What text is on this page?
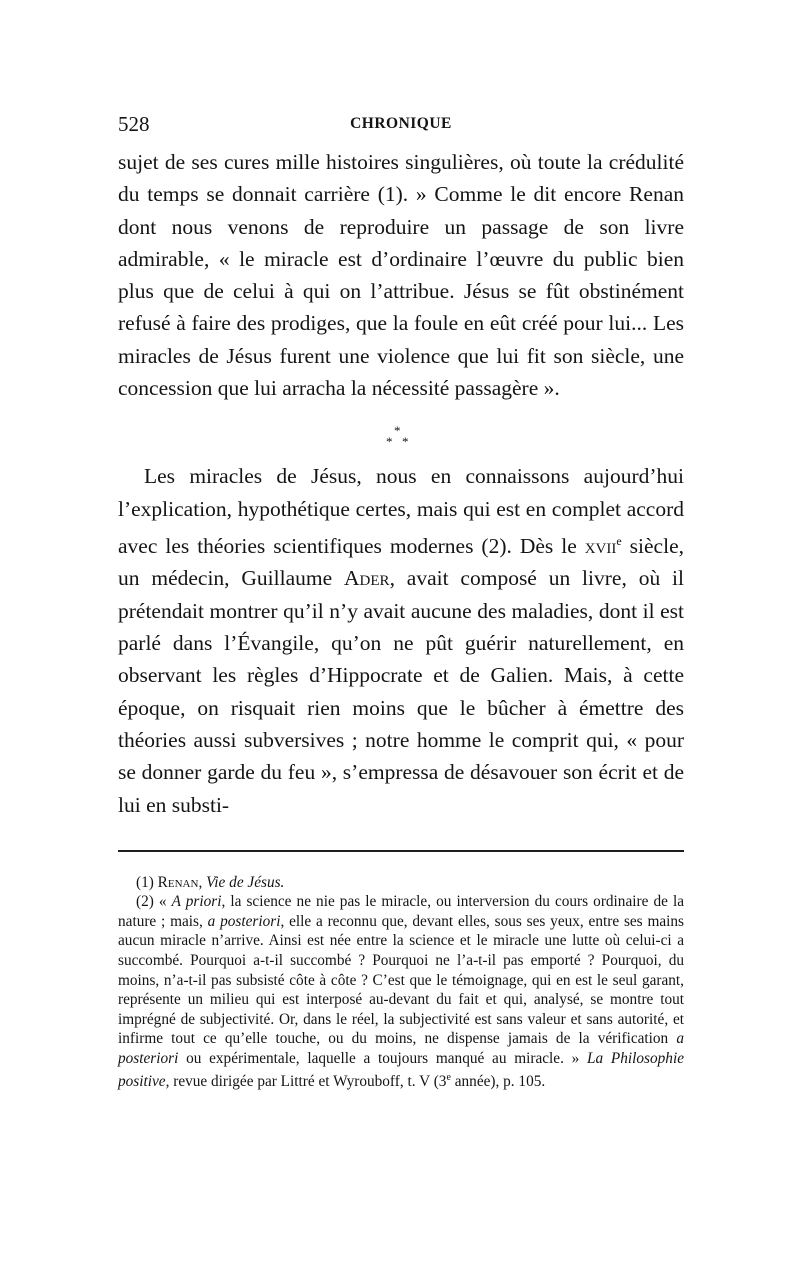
528	CHRONIQUE

sujet de ses cures mille histoires singulières, où toute la crédulité du temps se donnait carrière (1). » Comme le dit encore Renan dont nous venons de reproduire un passage de son livre admirable, « le miracle est d’ordinaire l’œuvre du public bien plus que de celui à qui on l’attribue. Jésus se fût obstinément refusé à faire des prodiges, que la foule en eût créé pour lui... Les miracles de Jésus furent une violence que lui fit son siècle, une concession que lui arracha la nécessité passagère ».

*
* *

Les miracles de Jésus, nous en connaissons aujourd’hui l’explication, hypothétique certes, mais qui est en complet accord avec les théories scientifiques modernes (2). Dès le xvii$^e$ siècle, un médecin, Guillaume Ader, avait composé un livre, où il prétendait montrer qu’il n’y avait aucune des maladies, dont il est parlé dans l’Évangile, qu’on ne pût guérir naturellement, en observant les règles d’Hippocrate et de Galien. Mais, à cette époque, on risquait rien moins que le bûcher à émettre des théories aussi subversives ; notre homme le comprit qui, « pour se donner garde du feu », s’empressa de désavouer son écrit et de lui en substi-

(1) Renan, Vie de Jésus.

(2) « A priori, la science ne nie pas le miracle, ou interversion du cours ordinaire de la nature ; mais, a posteriori, elle a reconnu que, devant elles, sous ses yeux, entre ses mains aucun miracle n’arrive. Ainsi est née entre la science et le miracle une lutte où celui-ci a succombé. Pourquoi a-t-il succombé ? Pourquoi ne l’a-t-il pas emporté ? Pourquoi, du moins, n’a-t-il pas subsisté côte à côte ? C’est que le témoignage, qui en est le seul garant, représente un milieu qui est interposé au-devant du fait et qui, analysé, se montre tout imprégné de subjectivité. Or, dans le réel, la subjectivité est sans valeur et sans autorité, et infirme tout ce qu’elle touche, ou du moins, ne dispense jamais de la vérification a posteriori ou expérimentale, laquelle a toujours manqué au miracle. » La Philosophie positive, revue dirigée par Littré et Wyrouboff, t. V (3e année), p. 105.
